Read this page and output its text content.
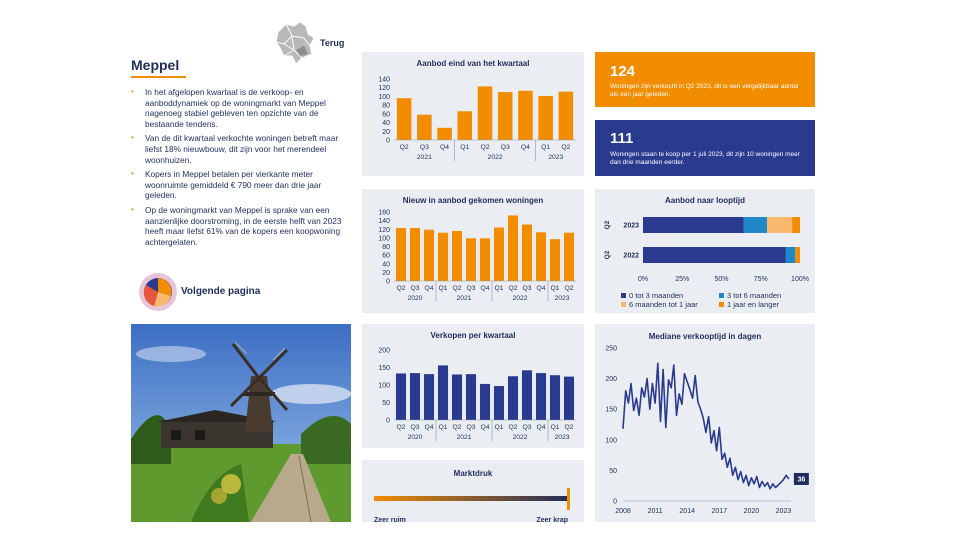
Terug
Meppel
• In het afgelopen kwartaal is de verkoop- en aanboddynamiek op de woningmarkt van Meppel nagenoeg stabiel gebleven ten opzichte van de bestaande tendens.
• Van de dit kwartaal verkochte woningen betreft maar liefst 18% nieuwbouw, dit zijn voor het merendeel woonhuizen.
• Kopers in Meppel betalen per vierkante meter woonruimte gemiddeld € 790 meer dan drie jaar geleden.
• Op de woningmarkt van Meppel is sprake van een aanzienlijke doorstroming, in de eerste helft van 2023 heeft maar liefst 61% van de kopers een koopwoning achtergelaten.
Volgende pagina
Aanbod eind van het kwartaal
0
20
40
60
80
100
120
140
Q2 Q3 Q4 Q1 Q2 Q3 Q4 Q1 Q2
2021	2022	2023
Nieuw in aanbod gekomen woningen
0
20
40
60
80
100
120
140
160
Q2 Q3 Q4 Q1 Q2 Q3 Q4 Q1 Q2 Q3 Q4 Q1 Q2
2020	2021	2022	2023
Verkopen per kwartaal
0
50
100
150
200
Q2 Q3 Q4 Q1 Q2 Q3 Q4 Q1 Q2 Q3 Q4 Q1 Q2
2020	2021	2022	2023
Marktdruk
Zeer ruim	Zeer krap
124
Woningen zijn verkocht in Q2 2023, dit is een vergelijkbaar aantal als een jaar geleden.
111
Woningen staan te koop per 1 juli 2023, dit zijn 10 woningen meer dan drie maanden eerder.
Aanbod naar looptijd
2023
Q2
2022
Q2
0%	25%	50%	75%	100%
0 tot 3 maanden	3 tot 6 maanden
6 maanden tot 1 jaar	1 jaar en langer
Mediane verkooptijd in dagen
0
50
100
150
200
250
2008 2011 2014 2017 2020 2023
36
